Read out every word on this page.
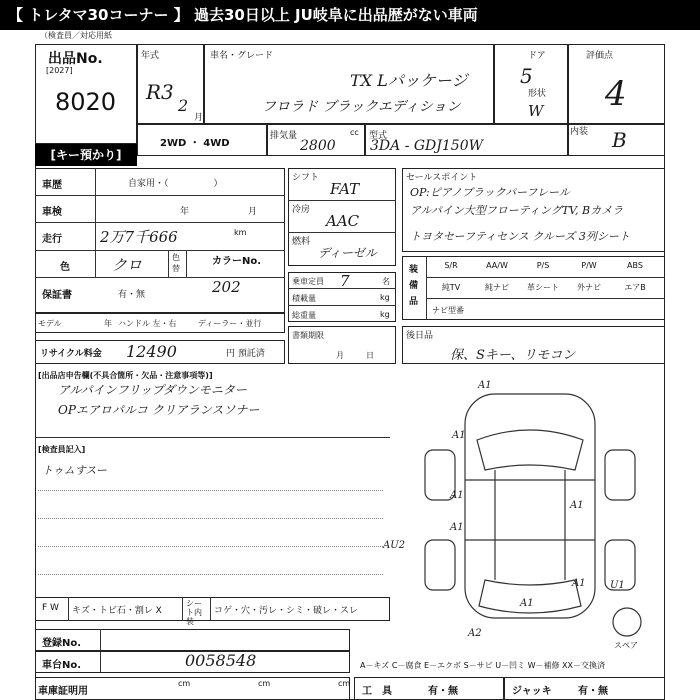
【 トレタマ30コーナー 】 過去30日以上 JU岐阜に出品歴がない車両
（検査員／対応用紙
出品No.
[2027]
8020
[キー預かり]
年式
R3
2
月
車名・グレード
TX Lパッケージ
フロラド ブラックエディション
ドア
5
形状
W
評価点
4
2WD ・ 4WD
排気量	cc
2800
型式
3DA - GDJ150W
内装 B
車歴	自家用・（　　　　　）
車検	年	月
走行	2万7千666	km
色	クロ	色替
カラーNo.
202
保証書	有・無
モデル	年 ハンドル 左・右	ディーラー・並行
リサイクル料金 12490	円 預託済
シフト
FAT
冷房
AAC
燃料
ディーゼル
乗車定員 7	名
積載量	kg
総重量	kg
書類期限
月日
セールスポイント
OP:ピアノブラックパーフレール
アルパイン大型フローティングTV, Bカメラ
トヨタセーフティセンス クルーズ 3列シート
装備品
S/R	AA/W	P/S	P/W	ABS
純TV	純ナビ	革シート	外ナビ	エアB
ナビ型番
後日品
保、Sキー、リモコン
[出品店申告欄(不具合箇所・欠品・注意事項等)]
アルパインフリップダウンモニター
OPエアロパルコ クリアランスソナー
[検査員記入]
トゥムすスー
A1
A1
A1
A1
A1
AU2
A1
A1
A2
U1
スペア
F W キズ・トビ石・割レ X
シート内装
コゲ・穴・汚レ・シミ・破レ・スレ
登録No.
車台No.	0058548
車庫証明用
cm	cm	cm
A－キズ C－腐食 E－エクボ S－サビ U－凹ミ W－補修 XX－交換済
工　具	有・無	ジャッキ	有・無
